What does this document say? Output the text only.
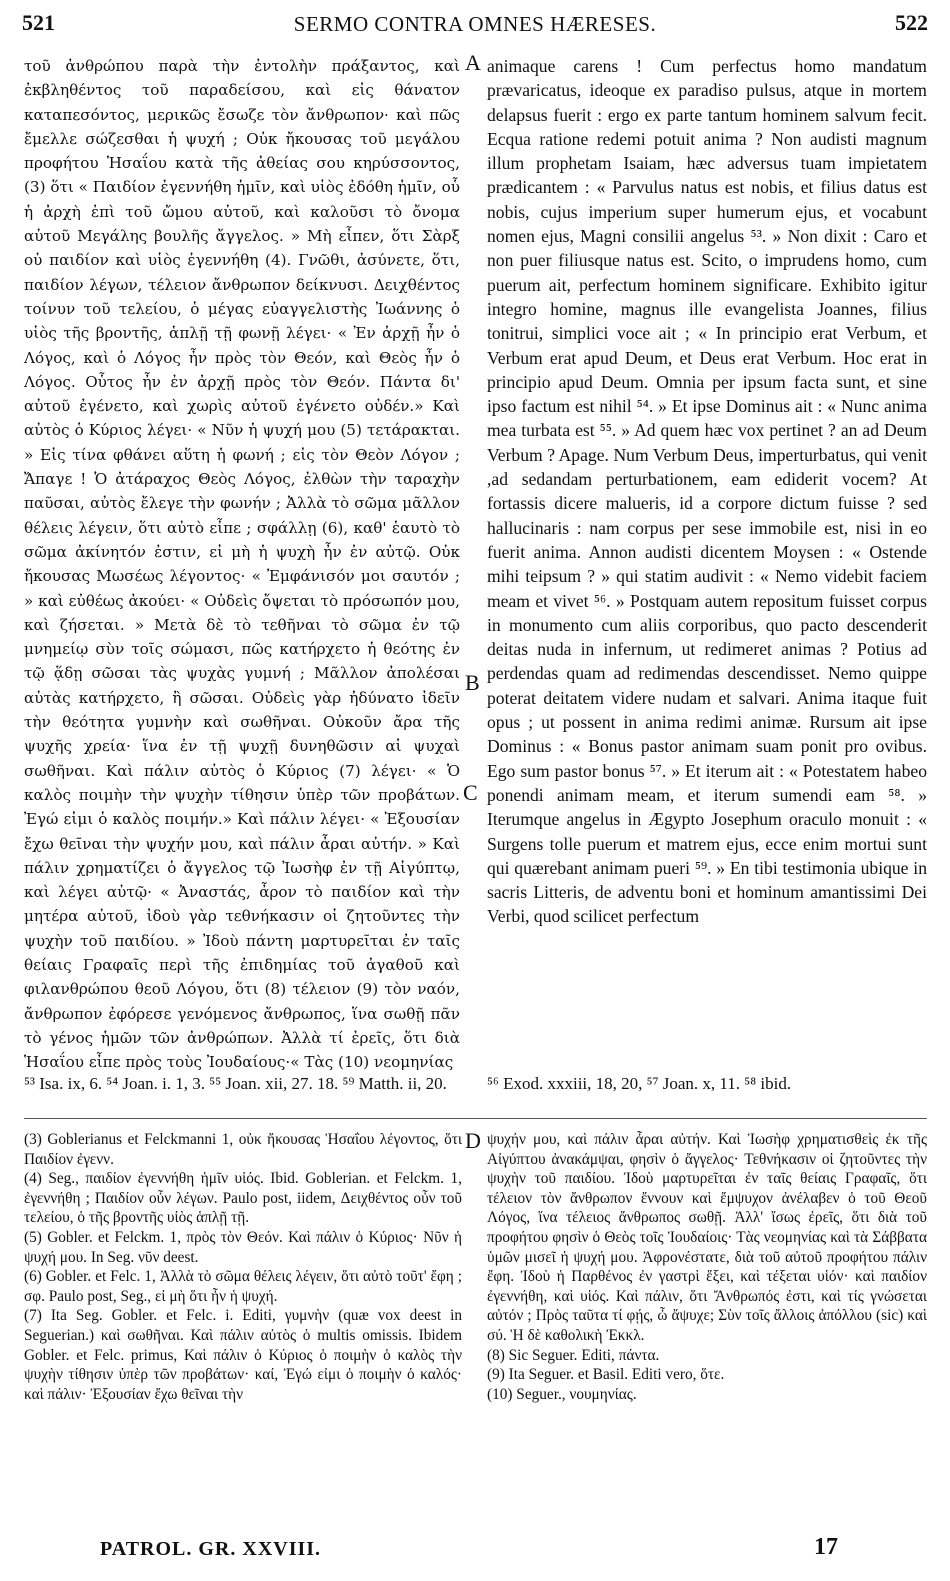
521	SERMO CONTRA OMNES HÆRESES.	522
A
B
C
D

τοῦ ἀνθρώπου παρὰ τὴν ἐντολὴν πράξαντος, καὶ ἐκβληθέντος τοῦ παραδείσου, καὶ εἰς θάνατον καταπεσόντος, μερικῶς ἔσωζε τὸν ἄνθρωπον· καὶ πῶς ἔμελλε σώζεσθαι ἡ ψυχή ; Οὐκ ἤκουσας τοῦ μεγάλου προφήτου Ἡσαΐου κατὰ τῆς ἀθείας σου κηρύσσοντος, (3) ὅτι « Παιδίον ἐγεννήθη ἡμῖν, καὶ υἱὸς ἐδόθη ἡμῖν, οὗ ἡ ἀρχὴ ἐπὶ τοῦ ὤμου αὐτοῦ, καὶ καλοῦσι τὸ ὄνομα αὐτοῦ Μεγάλης βουλῆς ἄγγελος. » Μὴ εἶπεν, ὅτι Σὰρξ οὐ παιδίον καὶ υἱὸς ἐγεννήθη (4). Γνῶθι, ἀσύνετε, ὅτι, παιδίον λέγων, τέλειον ἄνθρωπον δείκνυσι. Δειχθέντος τοίνυν τοῦ τελείου, ὁ μέγας εὐαγγελιστὴς Ἰωάννης ὁ υἱὸς τῆς βροντῆς, ἁπλῇ τῇ φωνῇ λέγει· « Ἐν ἀρχῇ ἦν ὁ Λόγος, καὶ ὁ Λόγος ἦν πρὸς τὸν Θεόν, καὶ Θεὸς ἦν ὁ Λόγος. Οὗτος ἦν ἐν ἀρχῇ πρὸς τὸν Θεόν. Πάντα δι' αὐτοῦ ἐγένετο, καὶ χωρὶς αὐτοῦ ἐγένετο οὐδέν.» Καὶ αὐτὸς ὁ Κύριος λέγει· « Νῦν ἡ ψυχή μου (5) τετάρακται. » Εἰς τίνα φθάνει αὕτη ἡ φωνή ; εἰς τὸν Θεὸν Λόγον ; Ἄπαγε ! Ὁ ἀτάραχος Θεὸς Λόγος, ἐλθὼν τὴν ταραχὴν παῦσαι, αὐτὸς ἔλεγε τὴν φωνήν ; Ἀλλὰ τὸ σῶμα μᾶλλον θέλεις λέγειν, ὅτι αὐτὸ εἶπε ; σφάλλῃ (6), καθ' ἑαυτὸ τὸ σῶμα ἀκίνητόν ἐστιν, εἰ μὴ ἡ ψυχὴ ἦν ἐν αὐτῷ. Οὐκ ἤκουσας Μωσέως λέγοντος· « Ἐμφάνισόν μοι σαυτόν ; » καὶ εὐθέως ἀκούει· « Οὐδεὶς ὄψεται τὸ πρόσωπόν μου, καὶ ζήσεται. » Μετὰ δὲ τὸ τεθῆναι τὸ σῶμα ἐν τῷ μνημείῳ σὺν τοῖς σώμασι, πῶς κατήρχετο ἡ θεότης ἐν τῷ ᾅδῃ σῶσαι τὰς ψυχὰς γυμνή ; Μᾶλλον ἀπολέσαι αὐτὰς κατήρχετο, ἢ σῶσαι. Οὐδεὶς γὰρ ἠδύνατο ἰδεῖν τὴν θεότητα γυμνὴν καὶ σωθῆναι. Οὐκοῦν ἄρα τῆς ψυχῆς χρεία· ἵνα ἐν τῇ ψυχῇ δυνηθῶσιν αἱ ψυχαὶ σωθῆναι. Καὶ πάλιν αὐτὸς ὁ Κύριος (7) λέγει· « Ὁ καλὸς ποιμὴν τὴν ψυχὴν τίθησιν ὑπὲρ τῶν προβάτων. Ἐγώ εἰμι ὁ καλὸς ποιμήν.» Καὶ πάλιν λέγει· « Ἐξουσίαν ἔχω θεῖναι τὴν ψυχήν μου, καὶ πάλιν ἆραι αὐτήν. » Καὶ πάλιν χρηματίζει ὁ ἄγγελος τῷ Ἰωσὴφ ἐν τῇ Αἰγύπτῳ, καὶ λέγει αὐτῷ· « Ἀναστάς, ἆρον τὸ παιδίον καὶ τὴν μητέρα αὐτοῦ, ἰδοὺ γὰρ τεθνήκασιν οἱ ζητοῦντες τὴν ψυχὴν τοῦ παιδίου. » Ἰδοὺ πάντη μαρτυρεῖται ἐν ταῖς θείαις Γραφαῖς περὶ τῆς ἐπιδημίας τοῦ ἀγαθοῦ καὶ φιλανθρώπου θεοῦ Λόγου, ὅτι (8) τέλειον (9) τὸν ναόν, ἄνθρωπον ἐφόρεσε γενόμενος ἄνθρωπος, ἵνα σωθῇ πᾶν τὸ γένος ἡμῶν τῶν ἀνθρώπων. Ἀλλὰ τί ἐρεῖς, ὅτι διὰ Ἡσαΐου εἶπε πρὸς τοὺς Ἰουδαίους·« Τὰς (10) νεομηνίας

animaque carens ! Cum perfectus homo mandatum prævaricatus, ideoque ex paradiso pulsus, atque in mortem delapsus fuerit : ergo ex parte tantum hominem salvum fecit. Ecqua ratione redemi potuit anima ? Non audisti magnum illum prophetam Isaiam, hæc adversus tuam impietatem prædicantem : « Parvulus natus est nobis, et filius datus est nobis, cujus imperium super humerum ejus, et vocabunt nomen ejus, Magni consilii angelus ⁵³. » Non dixit : Caro et non puer filiusque natus est. Scito, o imprudens homo, cum puerum ait, perfectum hominem significare. Exhibito igitur integro homine, magnus ille evangelista Joannes, filius tonitrui, simplici voce ait ; « In principio erat Verbum, et Verbum erat apud Deum, et Deus erat Verbum. Hoc erat in principio apud Deum. Omnia per ipsum facta sunt, et sine ipso factum est nihil ⁵⁴. » Et ipse Dominus ait : « Nunc anima mea turbata est ⁵⁵. » Ad quem hæc vox pertinet ? an ad Deum Verbum ? Apage. Num Verbum Deus, imperturbatus, qui venit ,ad sedandam perturbationem, eam ediderit vocem? At fortassis dicere malueris, id a corpore dictum fuisse ? sed hallucinaris : nam corpus per sese immobile est, nisi in eo fuerit anima. Annon audisti dicentem Moysen : « Ostende mihi teipsum ? » qui statim audivit : « Nemo videbit faciem meam et vivet ⁵⁶. » Postquam autem repositum fuisset corpus in monumento cum aliis corporibus, quo pacto descenderit deitas nuda in infernum, ut redimeret animas ? Potius ad perdendas quam ad redimendas descendisset. Nemo quippe poterat deitatem videre nudam et salvari. Anima itaque fuit opus ; ut possent in anima redimi animæ. Rursum ait ipse Dominus : « Bonus pastor animam suam ponit pro ovibus. Ego sum pastor bonus ⁵⁷. » Et iterum ait : « Potestatem habeo ponendi animam meam, et iterum sumendi eam ⁵⁸. » Iterumque angelus in Ægypto Josephum oraculo monuit : « Surgens tolle puerum et matrem ejus, ecce enim mortui sunt qui quærebant animam pueri ⁵⁹. » En tibi testimonia ubique in sacris Litteris, de adventu boni et hominum amantissimi Dei Verbi, quod scilicet perfectum

⁵³ Isa. ix, 6. ⁵⁴ Joan. i. 1, 3. ⁵⁵ Joan. xii, 27. 18. ⁵⁹ Matth. ii, 20.	⁵⁶ Exod. xxxiii, 18, 20, ⁵⁷ Joan. x, 11. ⁵⁸ ibid.

(3) Goblerianus et Felckmanni 1, οὐκ ἤκουσας Ἡσαΐου λέγοντος, ὅτι Παιδίον ἐγενν.

(4) Seg., παιδίον ἐγεννήθη ἡμῖν υἱός. Ibid. Goblerian. et Felckm. 1, ἐγεννήθη ; Παιδίον οὖν λέγων. Paulo post, iidem, Δειχθέντος οὖν τοῦ τελείου, ὁ τῆς βροντῆς υἱὸς ἁπλῇ τῇ.

(5) Gobler. et Felckm. 1, πρὸς τὸν Θεόν. Καὶ πάλιν ὁ Κύριος· Νῦν ἡ ψυχή μου. In Seg. νῦν deest.

(6) Gobler. et Felc. 1, Ἀλλὰ τὸ σῶμα θέλεις λέγειν, ὅτι αὐτὸ τοῦτ' ἔφη ; σφ. Paulo post, Seg., εἰ μὴ ὅτι ἦν ἡ ψυχή.

(7) Ita Seg. Gobler. et Felc. i. Editi, γυμνὴν (quæ vox deest in Seguerian.) καὶ σωθῆναι. Καὶ πάλιν αὐτὸς ὁ multis omissis. Ibidem Gobler. et Felc. primus, Καὶ πάλιν ὁ Κύριος ὁ ποιμὴν ὁ καλὸς τὴν ψυχὴν τίθησιν ὑπὲρ τῶν προβάτων· καί, Ἐγώ εἰμι ὁ ποιμὴν ὁ καλός· καὶ πάλιν· Ἐξουσίαν ἔχω θεῖναι τὴν

ψυχήν μου, καὶ πάλιν ἆραι αὐτήν. Καὶ Ἰωσὴφ χρηματισθεὶς ἐκ τῆς Αἰγύπτου ἀνακάμψαι, φησὶν ὁ ἄγγελος· Τεθνήκασιν οἱ ζητοῦντες τὴν ψυχὴν τοῦ παιδίου. Ἰδοὺ μαρτυρεῖται ἐν ταῖς θείαις Γραφαῖς, ὅτι τέλειον τὸν ἄνθρωπον ἔννουν καὶ ἔμψυχον ἀνέλαβεν ὁ τοῦ Θεοῦ Λόγος, ἵνα τέλειος ἄνθρωπος σωθῇ. Ἀλλ' ἴσως ἐρεῖς, ὅτι διὰ τοῦ προφήτου φησὶν ὁ Θεὸς τοῖς Ἰουδαίοις· Τὰς νεομηνίας καὶ τὰ Σάββατα ὑμῶν μισεῖ ἡ ψυχή μου. Ἀφρονέστατε, διὰ τοῦ αὐτοῦ προφήτου πάλιν ἔφη. Ἰδοὺ ἡ Παρθένος ἐν γαστρὶ ἕξει, καὶ τέξεται υἱόν· καὶ παιδίον ἐγεννήθη, καὶ υἱός. Καὶ πάλιν, ὅτι Ἄνθρωπός ἐστι, καὶ τίς γνώσεται αὐτόν ; Πρὸς ταῦτα τί φῄς, ὦ ἄψυχε; Σὺν τοῖς ἄλλοις ἀπόλλου (sic) καὶ σύ. Ἡ δὲ καθολικὴ Ἐκκλ.

(8) Sic Seguer. Editi, πάντα.

(9) Ita Seguer. et Basil. Editi vero, ὅτε.

(10) Seguer., νουμηνίας.

PATROL. GR. XXVIII.	17
